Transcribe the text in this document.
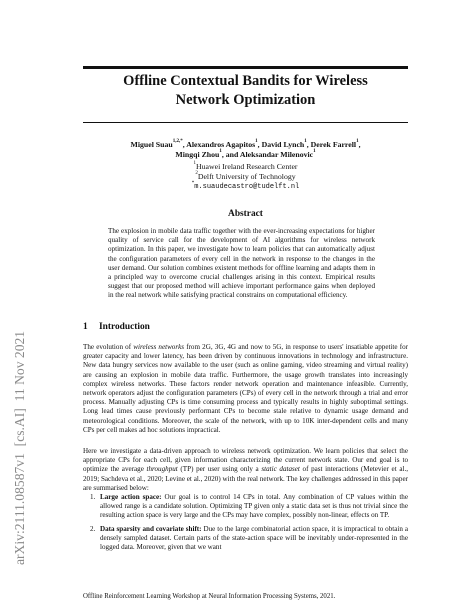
arXiv:2111.08587v1  [cs.AI]  11 Nov 2021
Offline Contextual Bandits for Wireless
Network Optimization
Miguel Suau$^{1,2,*}$, Alexandros Agapitos$^1$, David Lynch$^1$, Derek Farrell$^1$,
Mingqi Zhou$^1$, and Aleksandar Milenovic$^1$
$^1$Huawei Ireland Research Center
$^2$Delft University of Technology
*m.suaudecastro@tudelft.nl
Abstract
The explosion in mobile data traffic together with the ever-increasing expectations for higher quality of service call for the development of AI algorithms for wireless network optimization. In this paper, we investigate how to learn policies that can automatically adjust the configuration parameters of every cell in the network in response to the changes in the user demand. Our solution combines existent methods for offline learning and adapts them in a principled way to overcome crucial challenges arising in this context. Empirical results suggest that our proposed method will achieve important performance gains when deployed in the real network while satisfying practical constrains on computational efficiency.
1 Introduction

The evolution of wireless networks from 2G, 3G, 4G and now to 5G, in response to users' insatiable appetite for greater capacity and lower latency, has been driven by continuous innovations in technology and infrastructure. New data hungry services now available to the user (such as online gaming, video streaming and virtual reality) are causing an explosion in mobile data traffic. Furthermore, the usage growth translates into increasingly complex wireless networks. These factors render network operation and maintenance infeasible. Currently, network operators adjust the configuration parameters (CPs) of every cell in the network through a trial and error process. Manually adjusting CPs is time consuming process and typically results in highly suboptimal settings. Long lead times cause previously performant CPs to become stale relative to dynamic usage demand and meteorological conditions. Moreover, the scale of the network, with up to 10K inter-dependent cells and many CPs per cell makes ad hoc solutions impractical.

Here we investigate a data-driven approach to wireless network optimization. We learn policies that select the appropriate CPs for each cell, given information characterizing the current network state. Our end goal is to optimize the average throughput (TP) per user using only a static dataset of past interactions (Metevier et al., 2019; Sachdeva et al., 2020; Levine et al., 2020) with the real network. The key challenges addressed in this paper are summarised below:

1. Large action space: Our goal is to control 14 CPs in total. Any combination of CP values within the allowed range is a candidate solution. Optimizing TP given only a static data set is thus not trivial since the resulting action space is very large and the CPs may have complex, possibly non-linear, effects on TP.
2. Data sparsity and covariate shift: Due to the large combinatorial action space, it is impractical to obtain a densely sampled dataset. Certain parts of the state-action space will be inevitably under-represented in the logged data. Moreover, given that we want
Offline Reinforcement Learning Workshop at Neural Information Processing Systems, 2021.
